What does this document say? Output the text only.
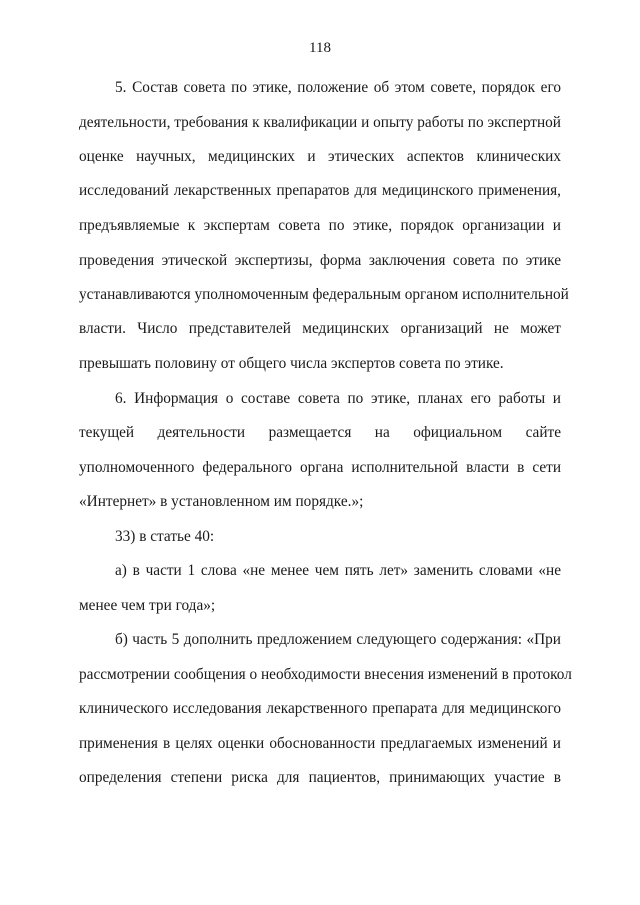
118
5. Состав совета по этике, положение об этом совете, порядок его
деятельности, требования к квалификации и опыту работы по экспертной
оценке научных, медицинских и этических аспектов клинических
исследований лекарственных препаратов для медицинского применения,
предъявляемые к экспертам совета по этике, порядок организации и
проведения этической экспертизы, форма заключения совета по этике
устанавливаются уполномоченным федеральным органом исполнительной
власти. Число представителей медицинских организаций не может
превышать половину от общего числа экспертов совета по этике.
6. Информация о составе совета по этике, планах его работы и
текущей деятельности размещается на официальном сайте
уполномоченного федерального органа исполнительной власти в сети
«Интернет» в установленном им порядке.»;
33) в статье 40:
а) в части 1 слова «не менее чем пять лет» заменить словами «не
менее чем три года»;
б) часть 5 дополнить предложением следующего содержания: «При
рассмотрении сообщения о необходимости внесения изменений в протокол
клинического исследования лекарственного препарата для медицинского
применения в целях оценки обоснованности предлагаемых изменений и
определения степени риска для пациентов, принимающих участие в
